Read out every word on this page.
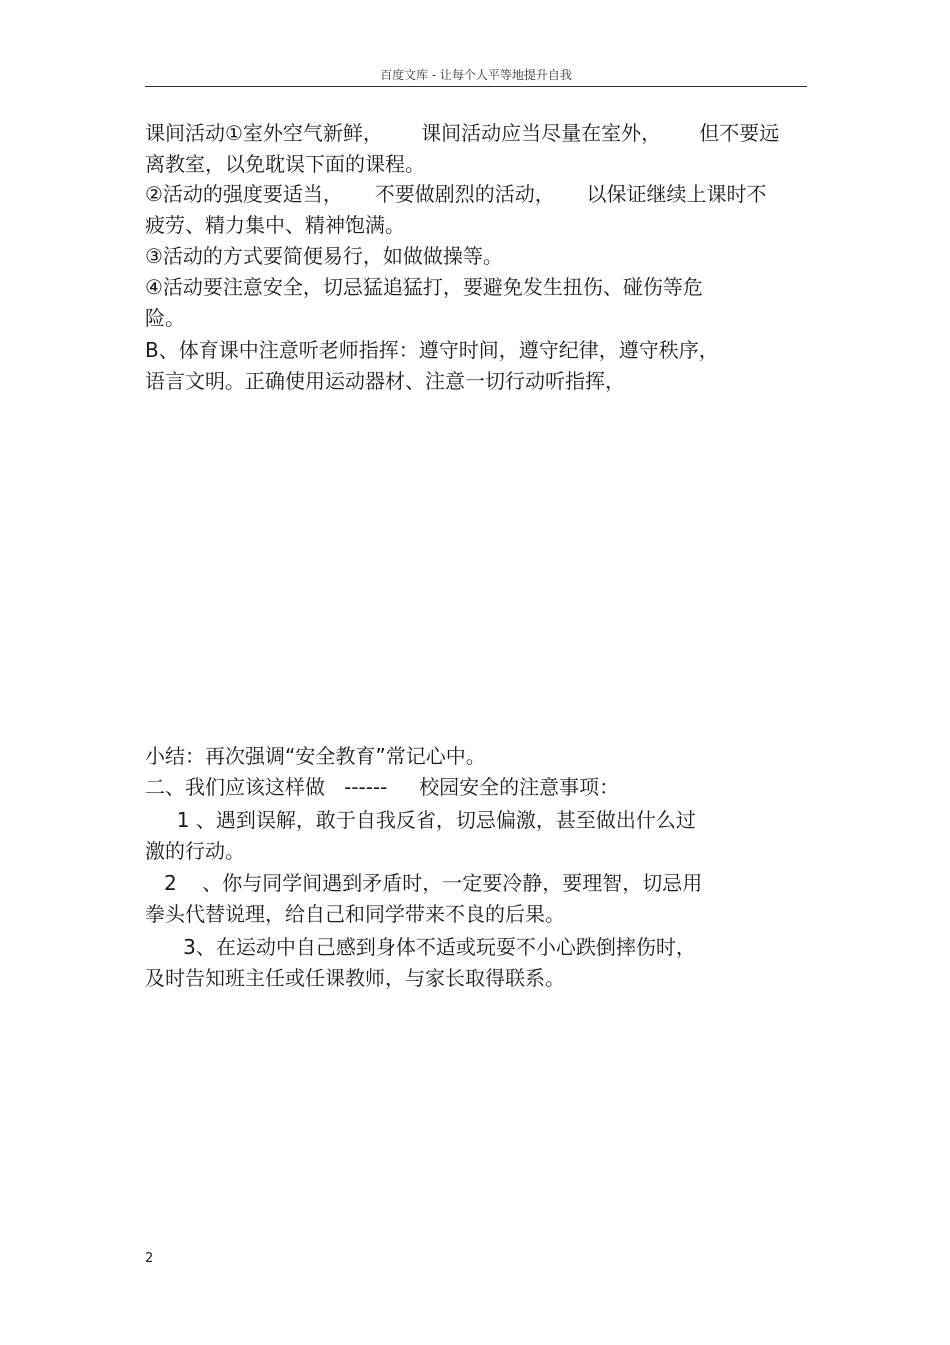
百度文库 - 让每个人平等地提升自我
课间活动①室外空气新鲜，      课间活动应当尽量在室外，      但不要远
离教室，以免耽误下面的课程。
②活动的强度要适当，     不要做剧烈的活动，     以保证继续上课时不
疲劳、精力集中、精神饱满。
③活动的方式要简便易行，如做做操等。
④活动要注意安全，切忌猛追猛打，要避免发生扭伤、碰伤等危
险。
B、体育课中注意听老师指挥：遵守时间，遵守纪律，遵守秩序，
语言文明。正确使用运动器材、注意一切行动听指挥，
小结：再次强调“安全教育”常记心中。
二、我们应该这样做   ------     校园安全的注意事项：
1 、遇到误解，敢于自我反省，切忌偏激，甚至做出什么过
激的行动。
2    、你与同学间遇到矛盾时，一定要冷静，要理智，切忌用
拳头代替说理，给自己和同学带来不良的后果。
3、在运动中自己感到身体不适或玩耍不小心跌倒摔伤时，
及时告知班主任或任课教师，与家长取得联系。
2
